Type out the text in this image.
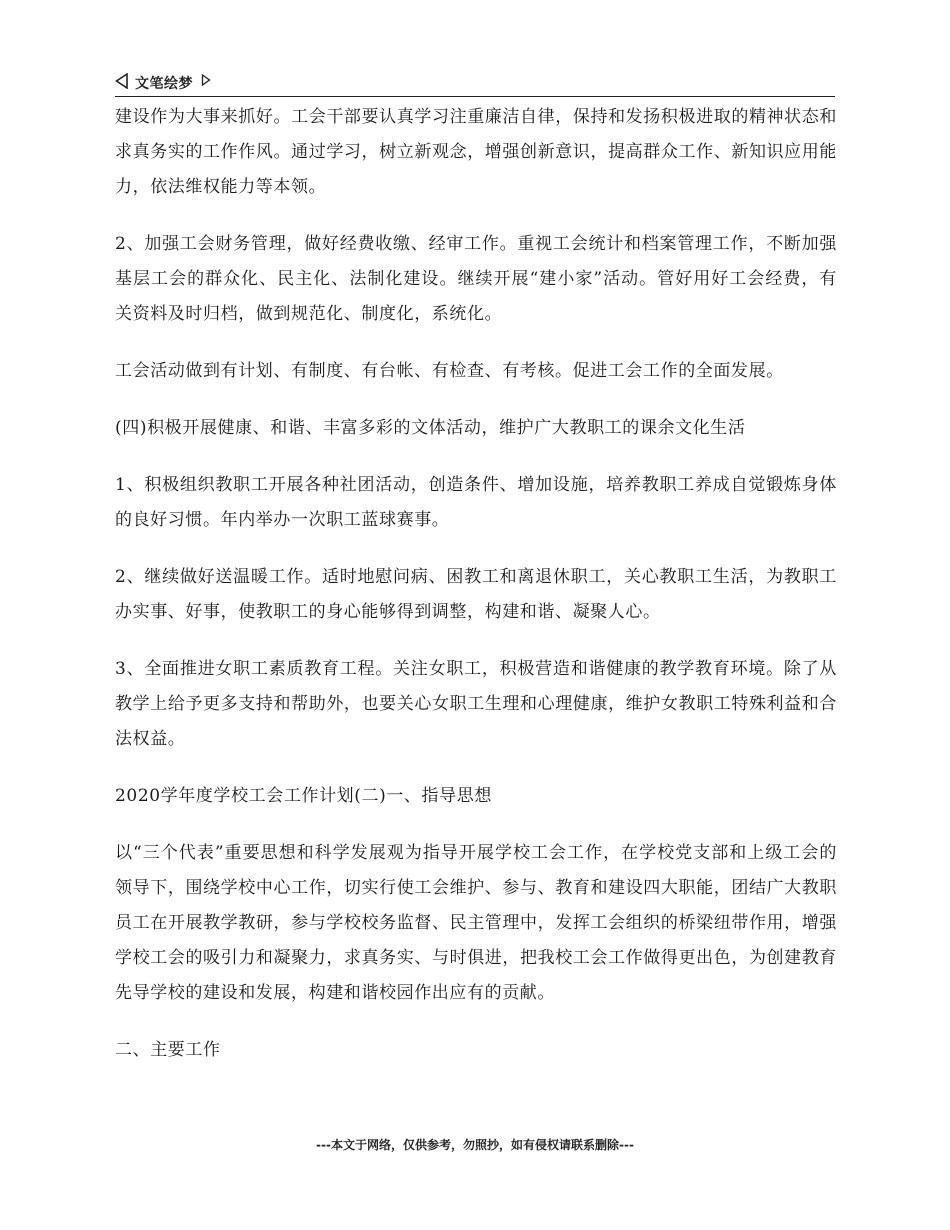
文笔绘梦

建设作为大事来抓好。工会干部要认真学习注重廉洁自律，保持和发扬积极进取的精神状态和求真务实的工作作风。通过学习，树立新观念，增强创新意识，提高群众工作、新知识应用能力，依法维权能力等本领。

2、加强工会财务管理，做好经费收缴、经审工作。重视工会统计和档案管理工作，不断加强基层工会的群众化、民主化、法制化建设。继续开展“建小家”活动。管好用好工会经费，有关资料及时归档，做到规范化、制度化，系统化。

工会活动做到有计划、有制度、有台帐、有检查、有考核。促进工会工作的全面发展。

(四)积极开展健康、和谐、丰富多彩的文体活动，维护广大教职工的课余文化生活

1、积极组织教职工开展各种社团活动，创造条件、增加设施，培养教职工养成自觉锻炼身体的良好习惯。年内举办一次职工蓝球赛事。

2、继续做好送温暖工作。适时地慰问病、困教工和离退休职工，关心教职工生活，为教职工办实事、好事，使教职工的身心能够得到调整，构建和谐、凝聚人心。

3、全面推进女职工素质教育工程。关注女职工，积极营造和谐健康的教学教育环境。除了从教学上给予更多支持和帮助外，也要关心女职工生理和心理健康，维护女教职工特殊利益和合法权益。

2020学年度学校工会工作计划(二)一、指导思想

以“三个代表”重要思想和科学发展观为指导开展学校工会工作，在学校党支部和上级工会的领导下，围绕学校中心工作，切实行使工会维护、参与、教育和建设四大职能，团结广大教职员工在开展教学教研，参与学校校务监督、民主管理中，发挥工会组织的桥梁纽带作用，增强学校工会的吸引力和凝聚力，求真务实、与时俱进，把我校工会工作做得更出色，为创建教育先导学校的建设和发展，构建和谐校园作出应有的贡献。

二、主要工作

---本文于网络，仅供参考，勿照抄，如有侵权请联系删除---
